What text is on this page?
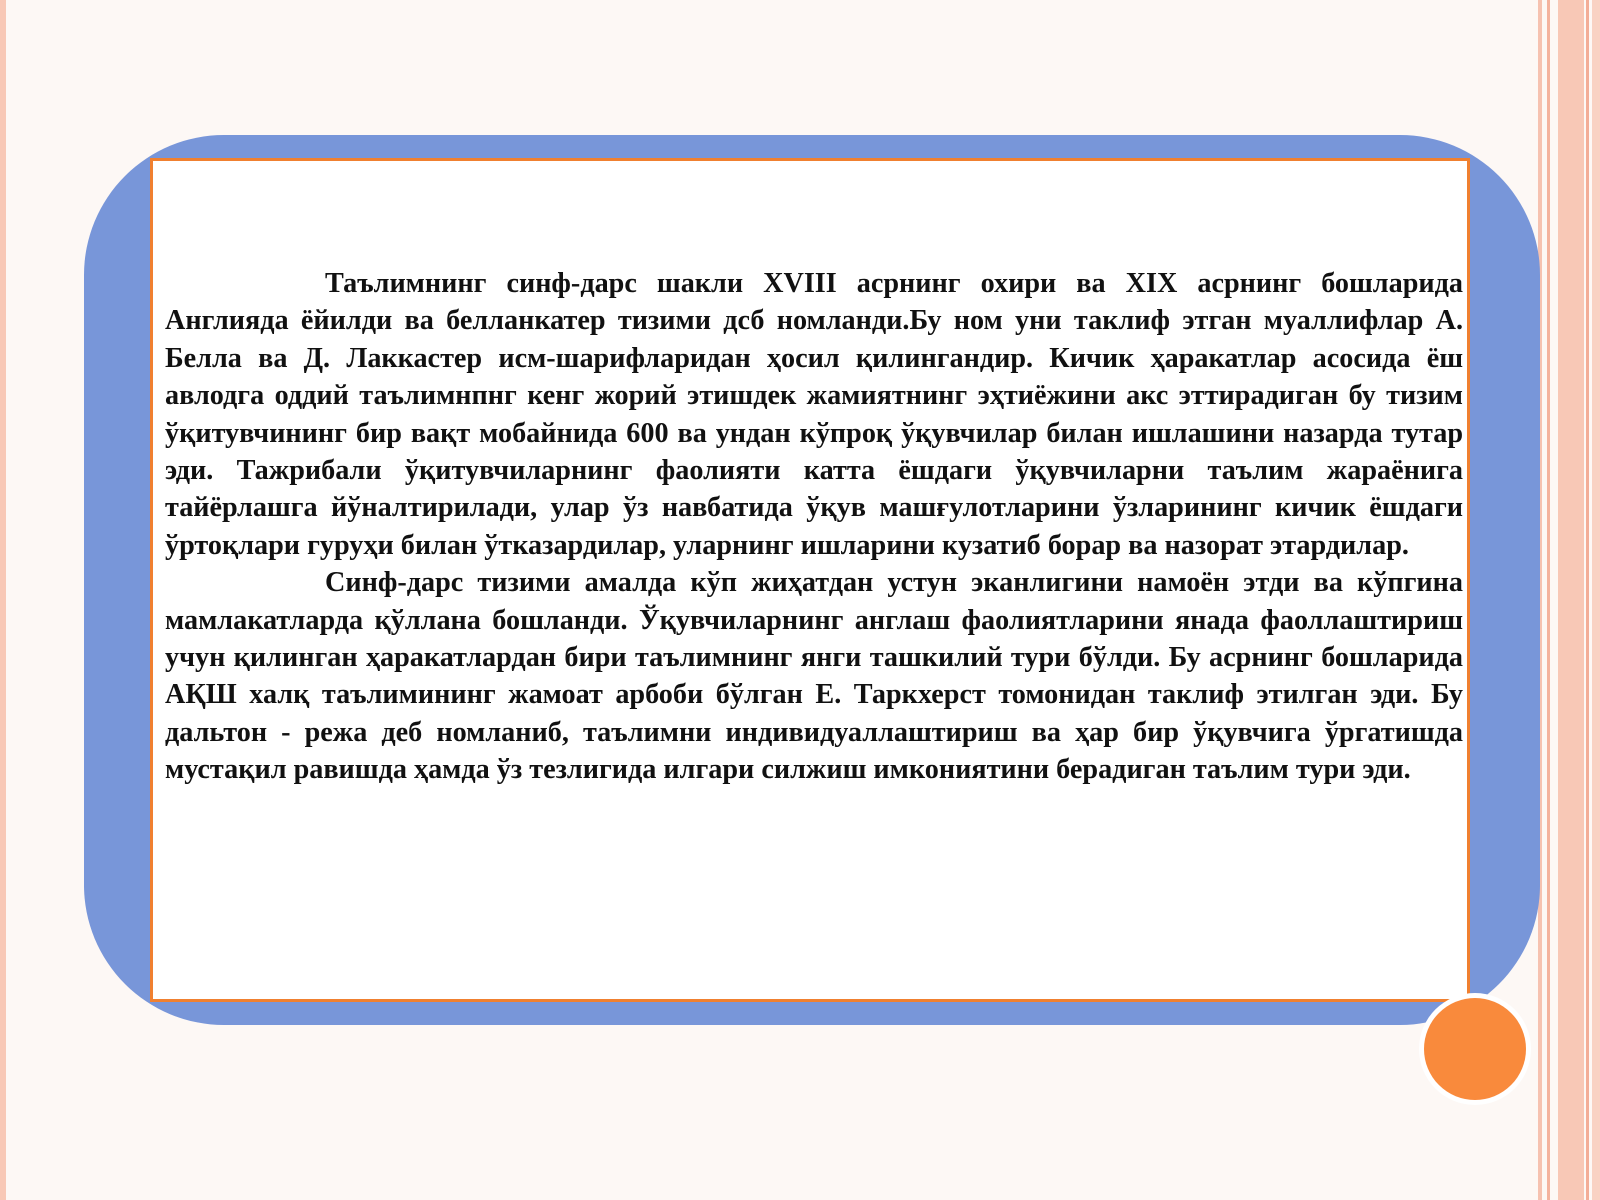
Таълимнинг синф-дарс шакли XVIII асрнинг охири ва XIX асрнинг бошларида Англияда ёйилди ва белланкатер тизими дсб номланди.Бу ном уни таклиф этган муаллифлар А. Белла ва Д. Лаккастер исм-шарифларидан ҳосил қилингандир. Кичик ҳаракатлар асосида ёш авлодга оддий таълимнпнг кенг жорий этишдек жамиятнинг эҳтиёжини акс эттирадиган бу тизим ўқитувчининг бир вақт мобайнида 600 ва ундан кўпроқ ўқувчилар билан ишлашини назарда тутар эди. Тажрибали ўқитувчиларнинг фаолияти катта ёшдаги ўқувчиларни таълим жараёнига тайёрлашга йўналтирилади, улар ўз навбатида ўқув машғулотларини ўзларининг кичик ёшдаги ўртоқлари гуруҳи билан ўтказардилар, уларнинг ишларини кузатиб борар ва назорат этардилар.

Синф-дарс тизими амалда кўп жиҳатдан устун эканлигини намоён этди ва кўпгина мамлакатларда қўллана бошланди. Ўқувчиларнинг англаш фаолиятларини янада фаоллаштириш учун қилинган ҳаракатлардан бири таълимнинг янги ташкилий тури бўлди. Бу асрнинг бошларида АҚШ халқ таълимининг жамоат арбоби бўлган Е. Таркхерст томонидан таклиф этилган эди. Бу дальтон - режа деб номланиб, таълимни индивидуаллаштириш ва ҳар бир ўқувчига ўргатишда мустақил равишда ҳамда ўз тезлигида илгари силжиш имкониятини берадиган таълим тури эди.
